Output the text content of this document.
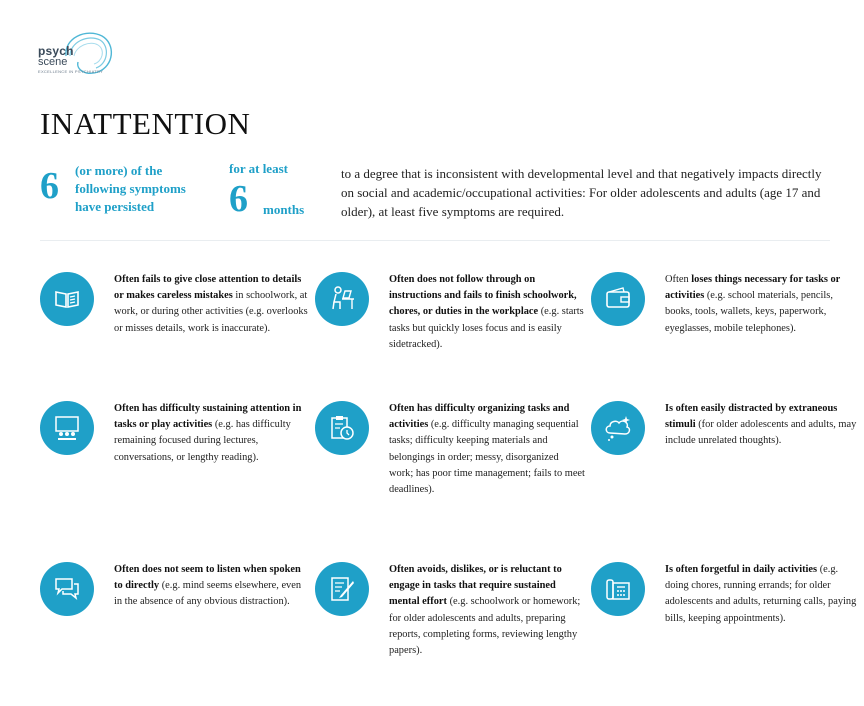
psych
scene
EXCELLENCE IN PSYCHIATRY
INATTENTION
6 (or more) of the
following symptoms
have persisted
for at least
6 months
to a degree that is inconsistent with developmental level and that negatively impacts directly on social and academic/occupational activities: For older adolescents and adults (age 17 and older), at least five symptoms are required.
Often fails to give close attention to details or makes careless mistakes in schoolwork, at work, or during other activities (e.g. overlooks or misses details, work is inaccurate).
Often does not follow through on instructions and fails to finish schoolwork, chores, or duties in the workplace (e.g. starts tasks but quickly loses focus and is easily sidetracked).
Often loses things necessary for tasks or activities (e.g. school materials, pencils, books, tools, wallets, keys, paperwork, eyeglasses, mobile telephones).
Often has difficulty sustaining attention in tasks or play activities (e.g. has difficulty remaining focused during lectures, conversations, or lengthy reading).
Often has difficulty organizing tasks and activities (e.g. difficulty managing sequential tasks; difficulty keeping materials and belongings in order; messy, disorganized work; has poor time management; fails to meet deadlines).
Is often easily distracted by extraneous stimuli (for older adolescents and adults, may include unrelated thoughts).
Often does not seem to listen when spoken to directly (e.g. mind seems elsewhere, even in the absence of any obvious distraction).
Often avoids, dislikes, or is reluctant to engage in tasks that require sustained mental effort (e.g. schoolwork or homework; for older adolescents and adults, preparing reports, completing forms, reviewing lengthy papers).
Is often forgetful in daily activities (e.g. doing chores, running errands; for older adolescents and adults, returning calls, paying bills, keeping appointments).
